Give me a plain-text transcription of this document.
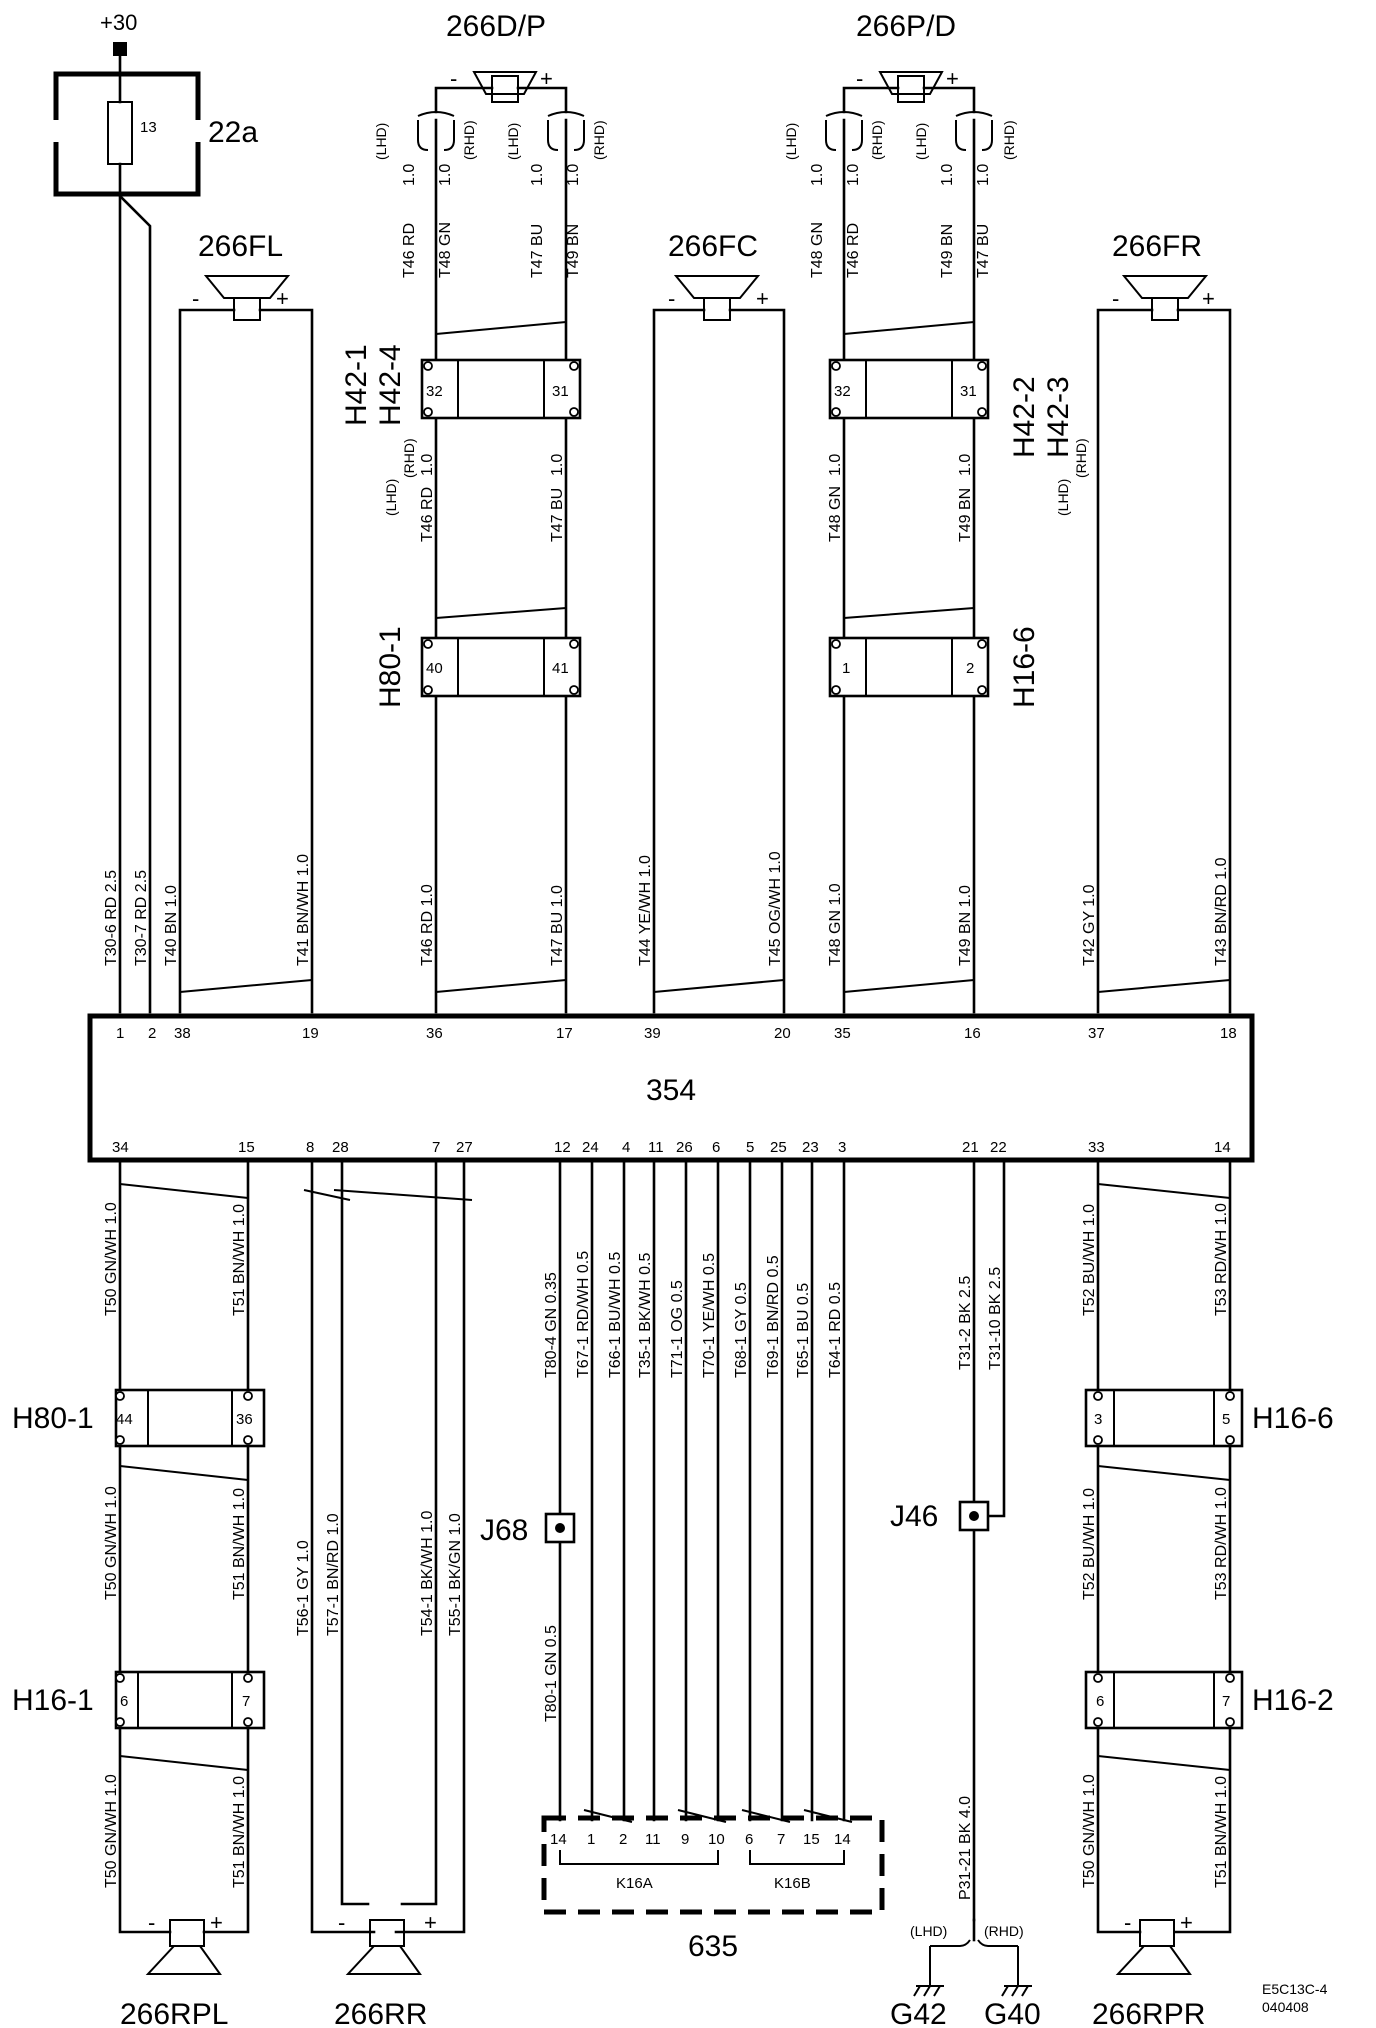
+30
13 22a
266FL
-	+
266FC
-	+
266FR
-	+
266D/P
-	+
266P/D
-	+
32	31	32	31
H42-1 H42-4	H42-2 H42-3
40	41	1	2
H80-1	H16-6
T30-6 RD 2.5 T30-7 RD 2.5 T40 BN 1.0	T41 BN/WH 1.0	T46 RD 1.0	T47 BU 1.0	T44 YE/WH 1.0	T45 OG/WH 1.0	T48 GN 1.0	T49 BN 1.0	T42 GY 1.0	T43 BN/RD 1.0
T46 RD
1.0
T47 BU
1.0
T48 GN
1.0
T49 BN
1.0
(LHD)
(RHD)
(LHD)
(RHD)
T46 RD T48 GN	T47 BU T49 BN	T48 GN T46 RD	T49 BN T47 BU
1.0 1.0	1.0 1.0	1.0 1.0	1.0 1.0
(LHD)	(RHD) (LHD)	(RHD)	(LHD)	(RHD) (LHD)	(RHD)
354
1 2 38	19	36	17	39	20	35	16	37	18
34	15	8 28	7 27	12 24 4 11 26 6 5 25 23 3	21 22	33	14
44	36
H80-1	3	5 H16-6
6	7
H16-1	6	7 H16-2
J68	J46
14 1 2 11 9 10 6 7 15 14
K16A	K16B
635	(LHD)	(RHD)
G42 G40
- +
266RPL
-	+
266RR
- +
266RPR
T50 GN/WH 1.0	T51 BN/WH 1.0
T50 GN/WH 1.0	T51 BN/WH 1.0
T50 GN/WH 1.0	T51 BN/WH 1.0
T56-1 GY 1.0 T57-1 BN/RD 1.0	T54-1 BK/WH 1.0 T55-1 BK/GN 1.0
T80-4 GN 0.35 T67-1 RD/WH 0.5 T66-1 BU/WH 0.5 T35-1 BK/WH 0.5 T71-1 OG 0.5 T70-1 YE/WH 0.5 T68-1 GY 0.5 T69-1 BN/RD 0.5 T65-1 BU 0.5 T64-1 RD 0.5	T31-2 BK 2.5 T31-10 BK 2.5
T80-1 GN 0.5
P31-21 BK 4.0
T52 BU/WH 1.0	T53 RD/WH 1.0
T52 BU/WH 1.0	T53 RD/WH 1.0
T50 GN/WH 1.0	T51 BN/WH 1.0
E5C13C-4
040408
